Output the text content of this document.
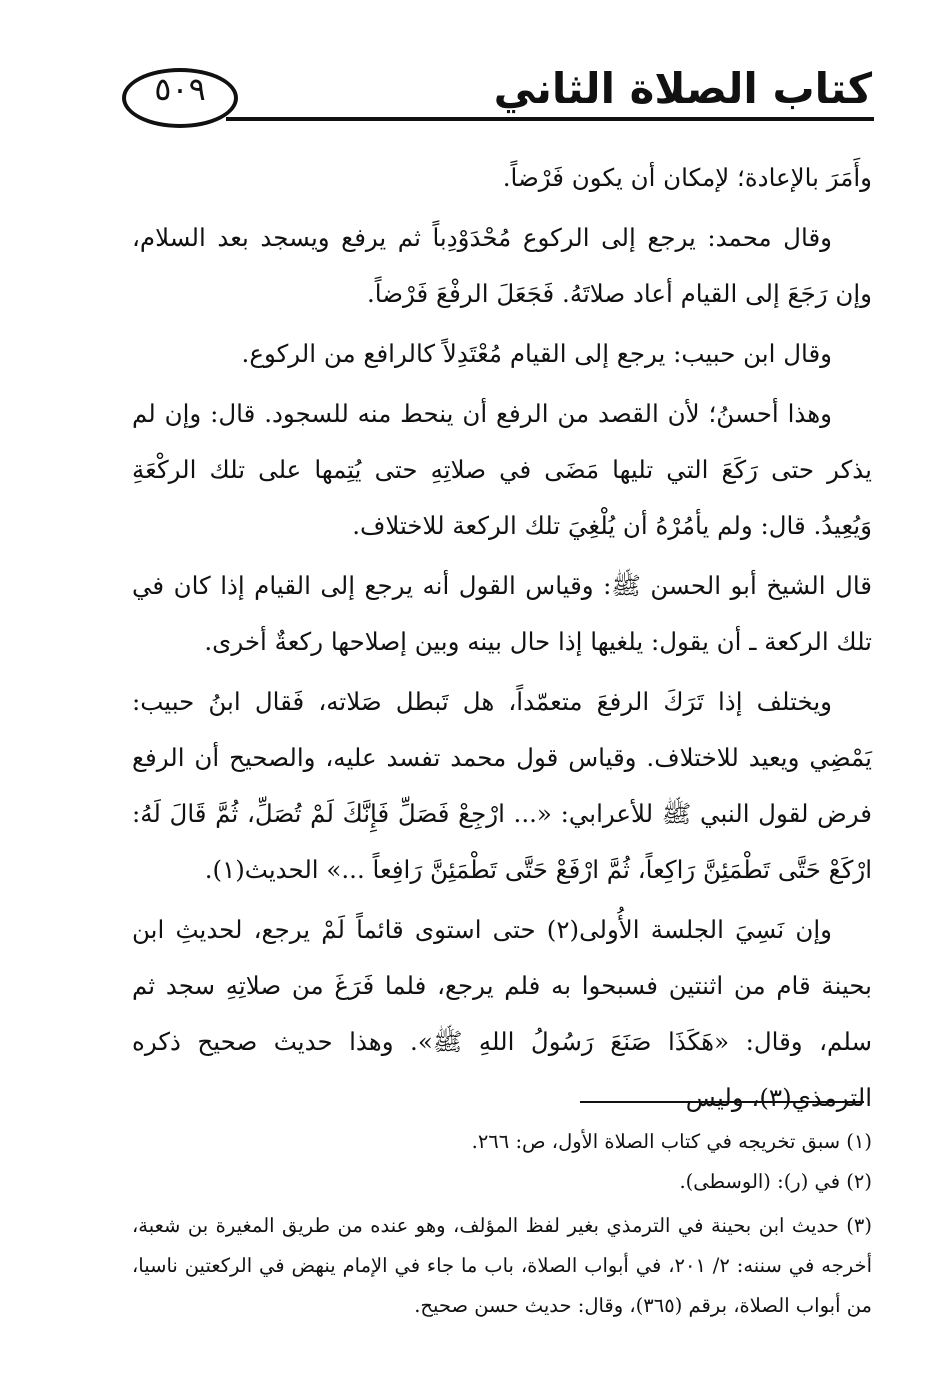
كتاب الصلاة الثاني
٥٠٩

وأَمَرَ بالإعادة؛ لإمكان أن يكون فَرْضاً.

وقال محمد: يرجع إلى الركوع مُحْدَوْدِباً ثم يرفع ويسجد بعد السلام، وإن رَجَعَ إلى القيام أعاد صلاتَهُ. فَجَعَلَ الرفْعَ فَرْضاً.

وقال ابن حبيب: يرجع إلى القيام مُعْتَدِلاً كالرافع من الركوع.

وهذا أحسنُ؛ لأن القصد من الرفع أن ينحط منه للسجود. قال: وإن لم يذكر حتى رَكَعَ التي تليها مَضَى في صلاتِهِ حتى يُتِمها على تلك الركْعَةِ وَيُعِيدُ. قال: ولم يأمُرْهُ أن يُلْغِيَ تلك الركعة للاختلاف.

قال الشيخ أبو الحسن ﷺ: وقياس القول أنه يرجع إلى القيام إذا كان في تلك الركعة ـ أن يقول: يلغيها إذا حال بينه وبين إصلاحها ركعةٌ أخرى.

ويختلف إذا تَرَكَ الرفعَ متعمّداً، هل تَبطل صَلاته، فَقال ابنُ حبيب: يَمْضِي ويعيد للاختلاف. وقياس قول محمد تفسد عليه، والصحيح أن الرفع فرض لقول النبي ﷺ للأعرابي: «... ارْجِعْ فَصَلِّ فَإِنَّكَ لَمْ تُصَلِّ، ثُمَّ قَالَ لَهُ: ارْكَعْ حَتَّى تَطْمَئِنَّ رَاكِعاً، ثُمَّ ارْفَعْ حَتَّى تَطْمَئِنَّ رَافِعاً ...» الحديث(١).

وإن نَسِيَ الجلسة الأُولى(٢) حتى استوى قائماً لَمْ يرجع، لحديثِ ابن بحينة قام من اثنتين فسبحوا به فلم يرجع، فلما فَرَغَ من صلاتِهِ سجد ثم سلم، وقال: «هَكَذَا صَنَعَ رَسُولُ اللهِ ﷺ». وهذا حديث صحيح ذكره الترمذي(٣)، وليس

(١) سبق تخريجه في كتاب الصلاة الأول، ص: ٢٦٦.

(٢) في (ر): (الوسطى).

(٣) حديث ابن بحينة في الترمذي بغير لفظ المؤلف، وهو عنده من طريق المغيرة بن شعبة، أخرجه في سننه: ٢/ ٢٠١، في أبواب الصلاة، باب ما جاء في الإمام ينهض في الركعتين ناسيا، من أبواب الصلاة، برقم (٣٦٥)، وقال: حديث حسن صحيح.
